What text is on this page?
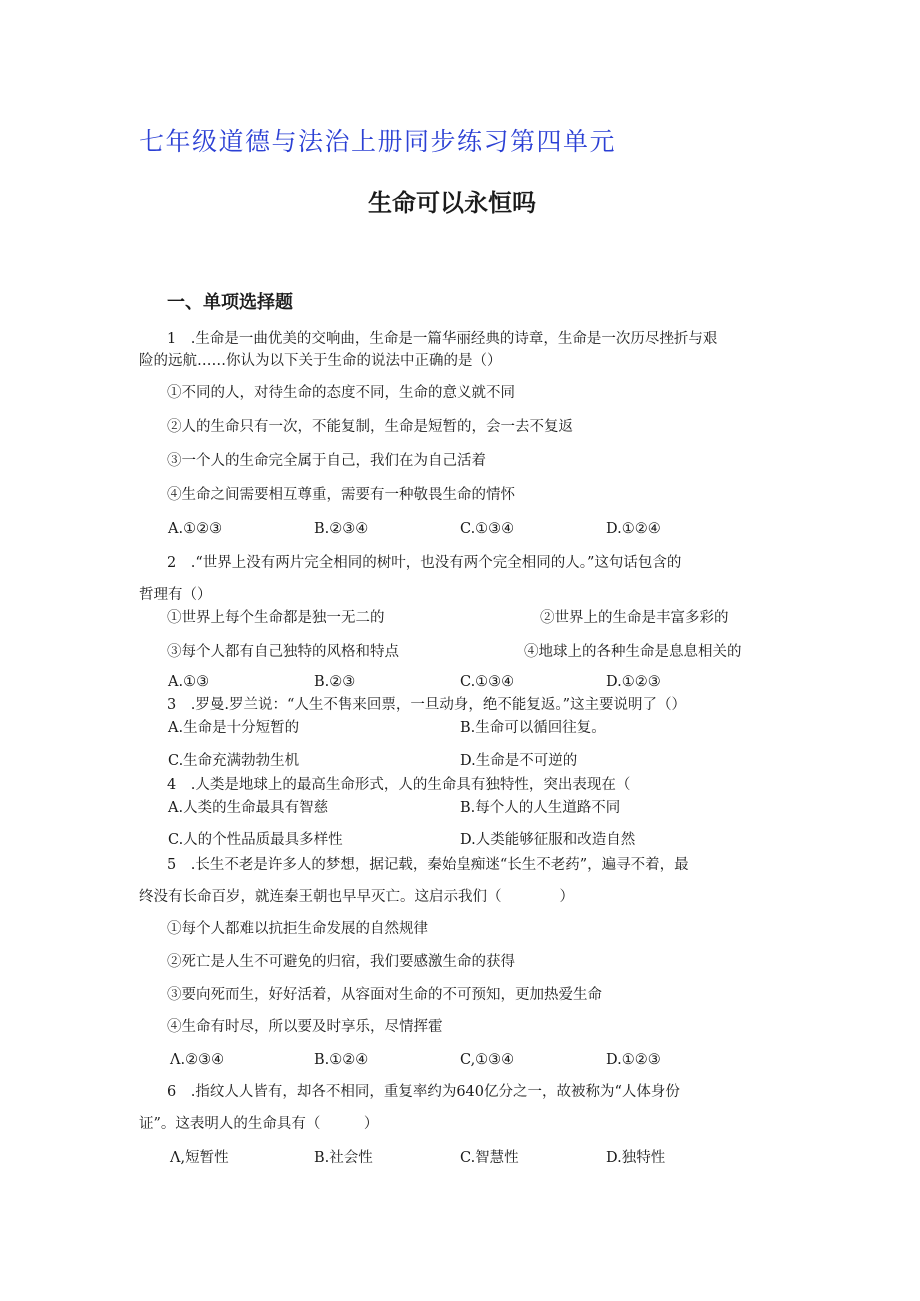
七年级道德与法治上册同步练习第四单元
生命可以永恒吗
一、单项选择题
1　.生命是一曲优美的交响曲，生命是一篇华丽经典的诗章，生命是一次历尽挫折与艰
险的远航……你认为以下关于生命的说法中正确的是（）
①不同的人，对待生命的态度不同，生命的意义就不同
②人的生命只有一次，不能复制，生命是短暂的，会一去不复返
③一个人的生命完全属于自己，我们在为自己活着
④生命之间需要相互尊重，需要有一种敬畏生命的情怀
A.①②③	B.②③④	C.①③④	D.①②④
2　.“世界上没有两片完全相同的树叶，也没有两个完全相同的人。”这句话包含的
哲理有（）
①世界上每个生命都是独一无二的	②世界上的生命是丰富多彩的
③每个人都有自己独特的风格和特点	④地球上的各种生命是息息相关的
A.①③	B.②③	C.①③④	D.①②③
3　.罗曼.罗兰说：“人生不售来回票，一旦动身，绝不能复返。”这主要说明了（）
A.生命是十分短暂的	B.生命可以循回往复。
C.生命充满勃勃生机	D.生命是不可逆的
4　.人类是地球上的最高生命形式，人的生命具有独特性，突出表现在（
A.人类的生命最具有智慈	B.每个人的人生道路不同
C.人的个性品质最具多样性	D.人类能够征服和改造自然
5　.长生不老是许多人的梦想，据记载，秦始皇痴迷“长生不老药”，遍寻不着，最
终没有长命百岁，就连秦王朝也早早灭亡。这启示我们（　　　　）
①每个人都难以抗拒生命发展的自然规律
②死亡是人生不可避免的归宿，我们要感激生命的获得
③要向死而生，好好活着，从容面对生命的不可预知，更加热爱生命
④生命有时尽，所以要及时享乐，尽情挥霍
Λ.②③④	B.①②④	C,①③④	D.①②③
6　.指纹人人皆有，却各不相同，重复率约为640亿分之一，故被称为“人体身份
证”。这表明人的生命具有（　　　）
Λ,短暂性	B.社会性	C.智慧性	D.独特性
